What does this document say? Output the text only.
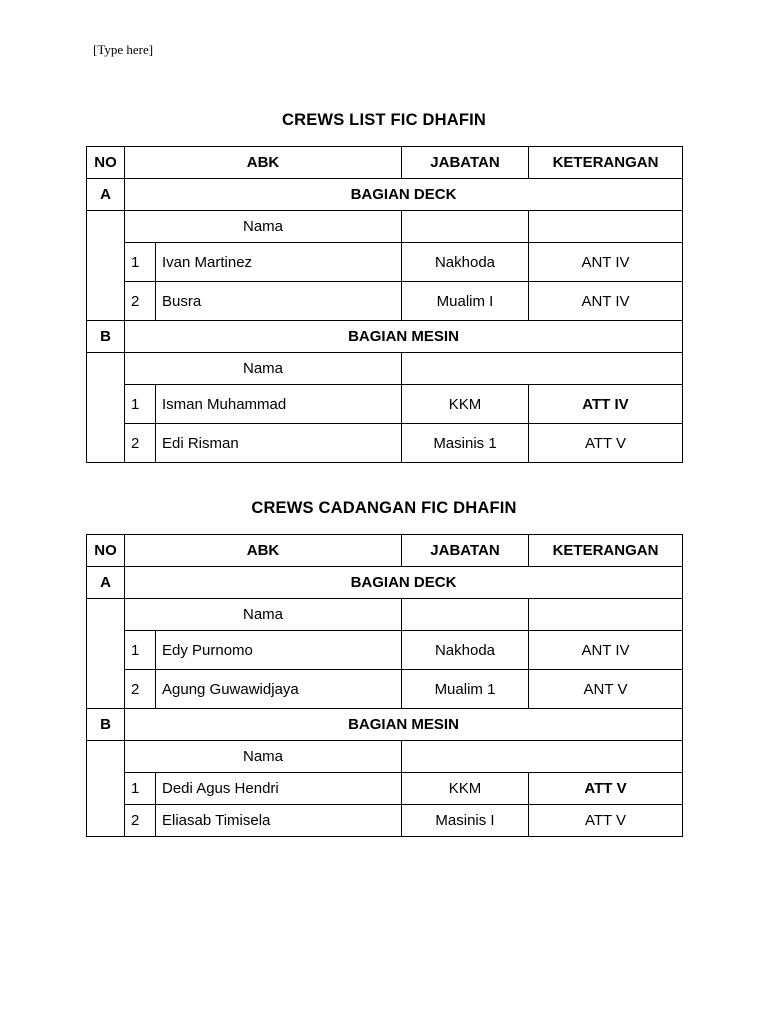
[Type here]
CREWS LIST FIC DHAFIN
NO	ABK		JABATAN	KETERANGAN
A	BAGIAN DECK			
	Nama			
	1	Ivan Martinez	Nakhoda	ANT IV
	2	Busra	Mualim I	ANT IV
B	BAGIAN MESIN			
	Nama			
	1	Isman Muhammad	KKM	ATT IV
	2	Edi Risman	Masinis 1	ATT V
CREWS CADANGAN FIC DHAFIN
NO	ABK		JABATAN	KETERANGAN
A	BAGIAN DECK			
	Nama			
	1	Edy Purnomo	Nakhoda	ANT IV
	2	Agung Guwawidjaya	Mualim 1	ANT V
B	BAGIAN MESIN			
	Nama			
	1	Dedi Agus Hendri	KKM	ATT V
	2	Eliasab Timisela	Masinis I	ATT V
